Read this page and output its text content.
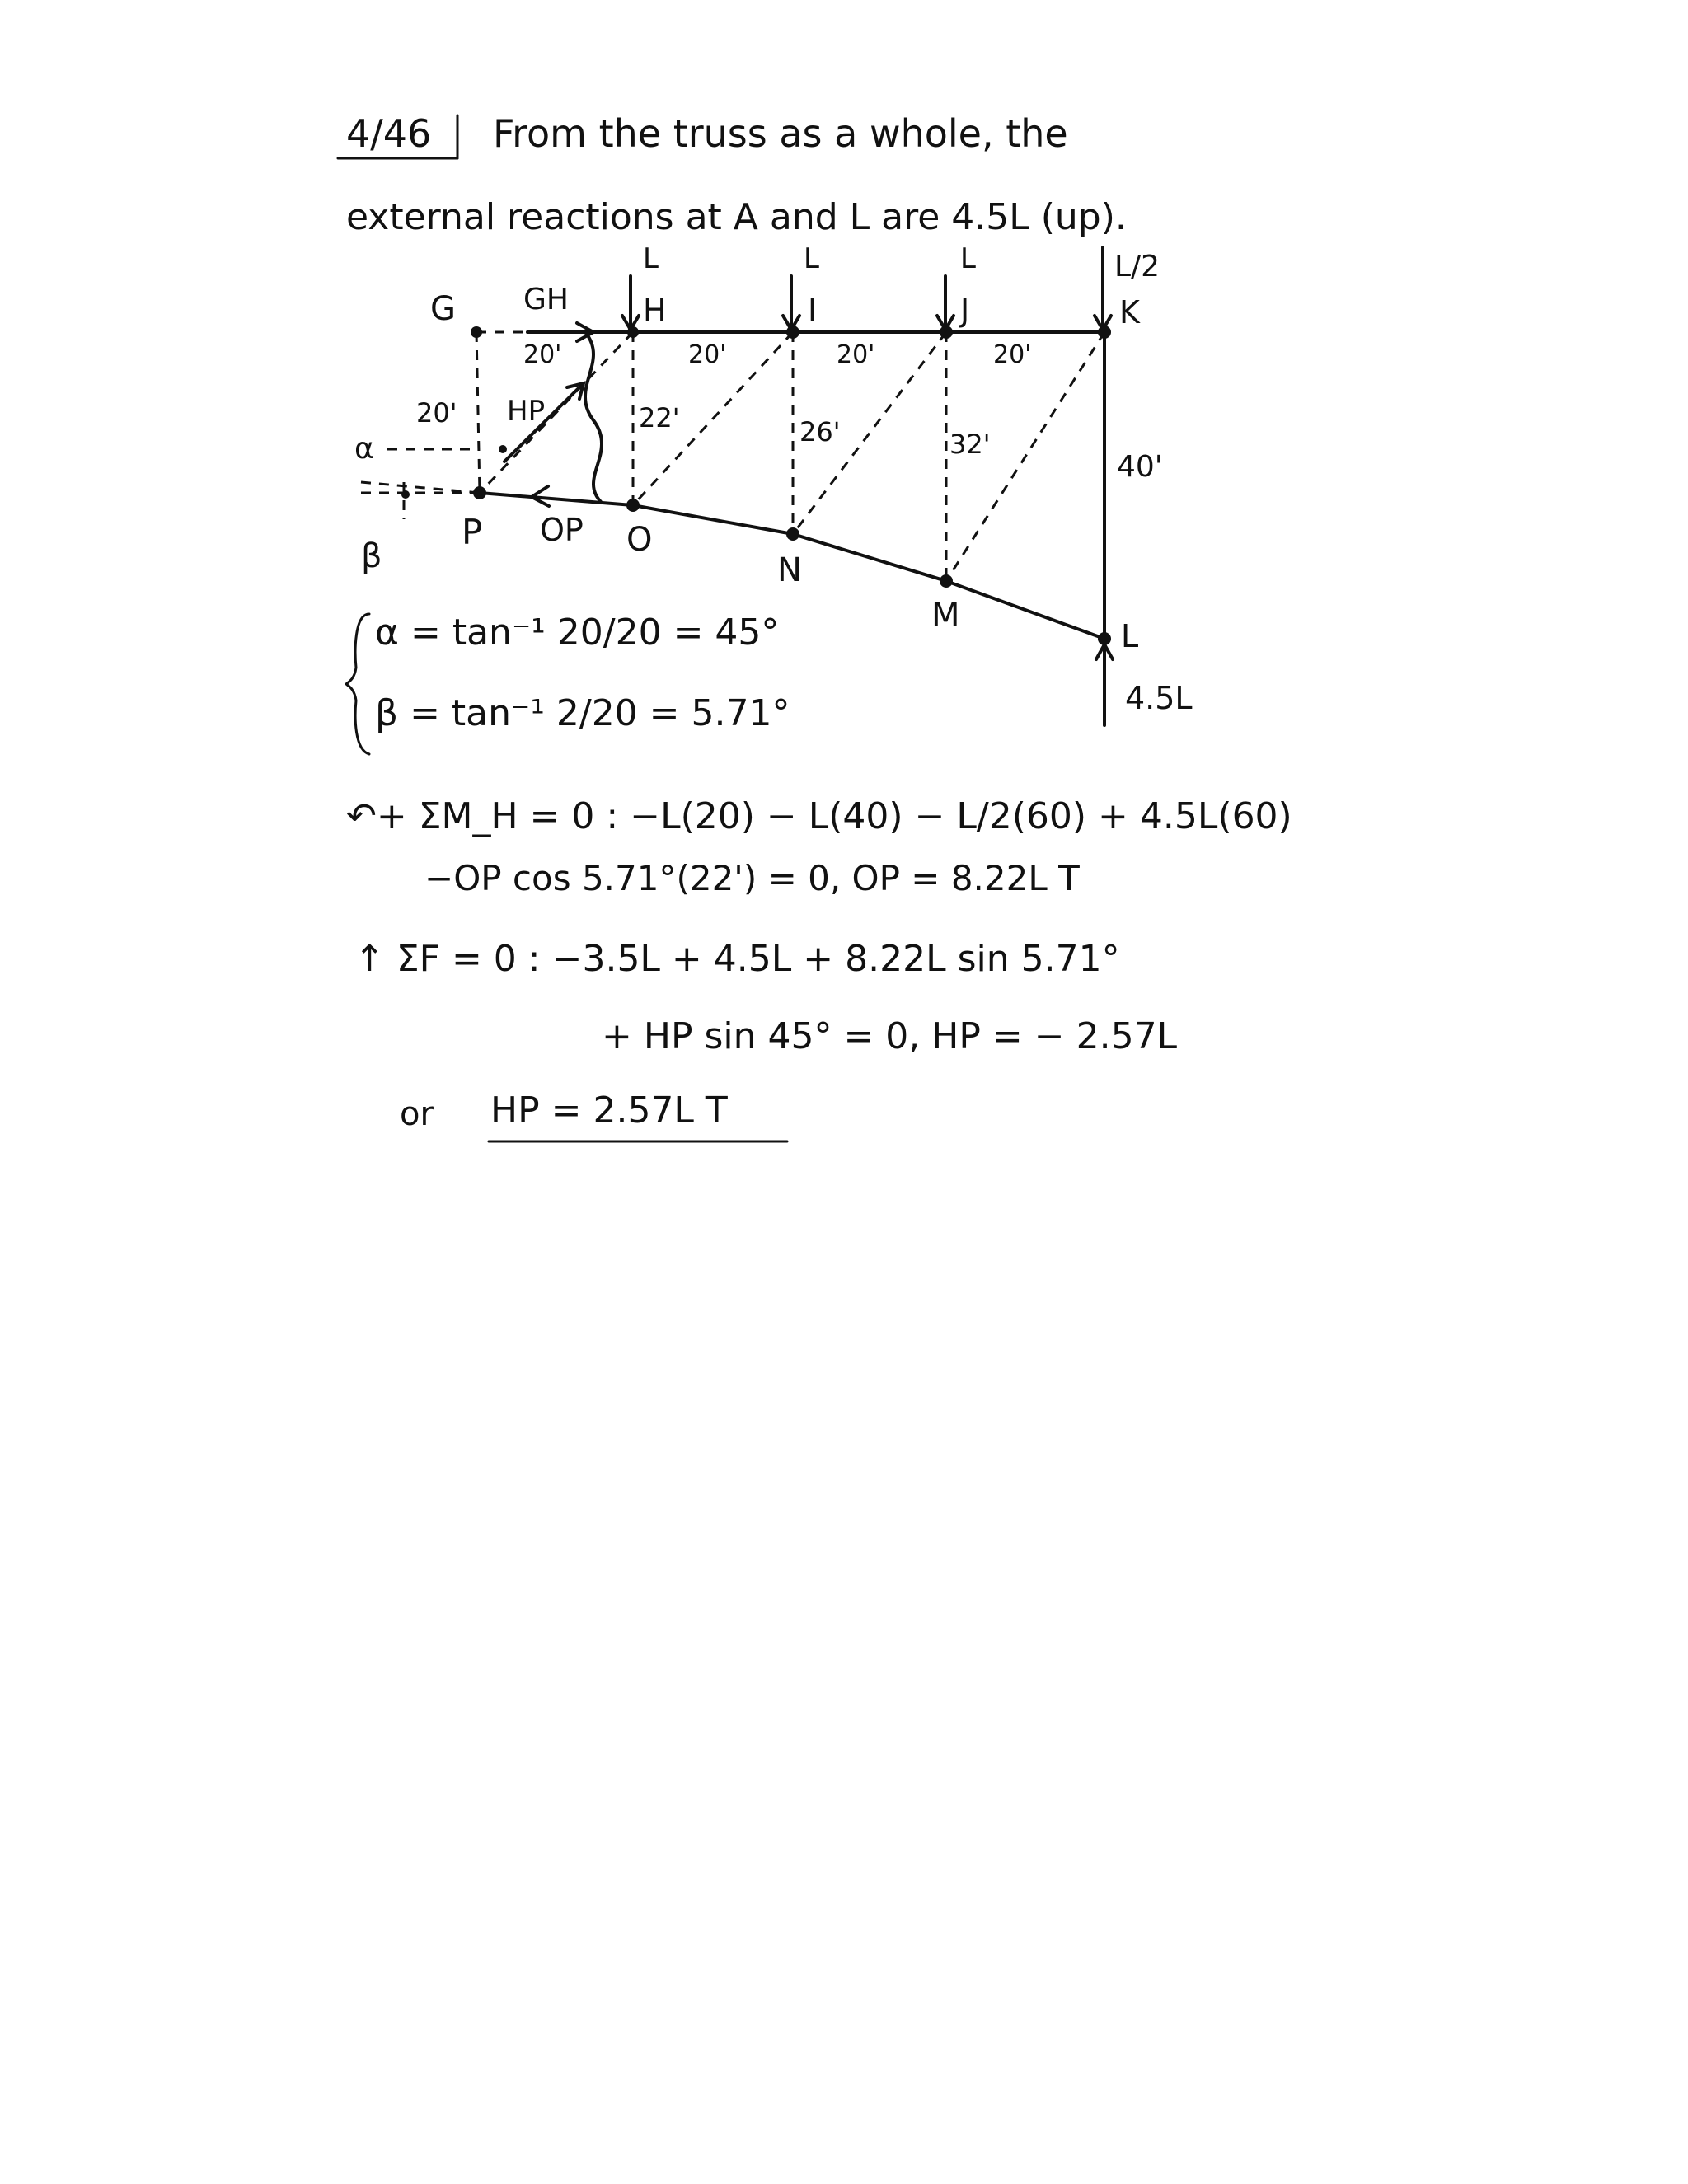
4/46 From the truss as a whole, the
external reactions at A and L are 4.5L (up).
L	L	L	L/2
G	H	I	J	K
P	O
N
M
L
GH
HP
OP
20'	20'	20'	20'
20'	22'	26'	32'
40'
α
β
4.5L
α = tan⁻¹ 20/20 = 45°
β = tan⁻¹ 2/20 = 5.71°
↶+ ΣM_H = 0 : −L(20) − L(40) − L/2(60) + 4.5L(60)
−OP cos 5.71°(22') = 0, OP = 8.22L T
↑ ΣF = 0 : −3.5L + 4.5L + 8.22L sin 5.71°
+ HP sin 45° = 0, HP = − 2.57L
or HP = 2.57L T
